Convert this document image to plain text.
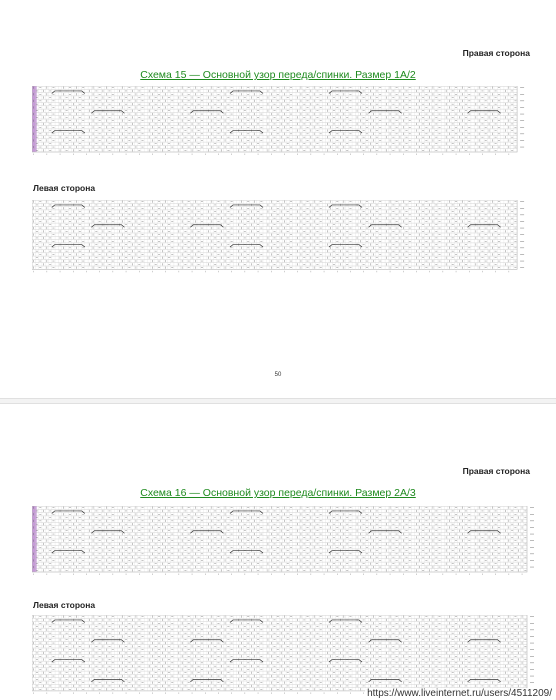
Правая сторона
Схема 15 — Основной узор переда/спинки. Размер 1А/2
Левая сторона
50
Правая сторона
Схема 16 — Основной узор переда/спинки. Размер 2А/3
Левая сторона
https://www.liveinternet.ru/users/4511209/
